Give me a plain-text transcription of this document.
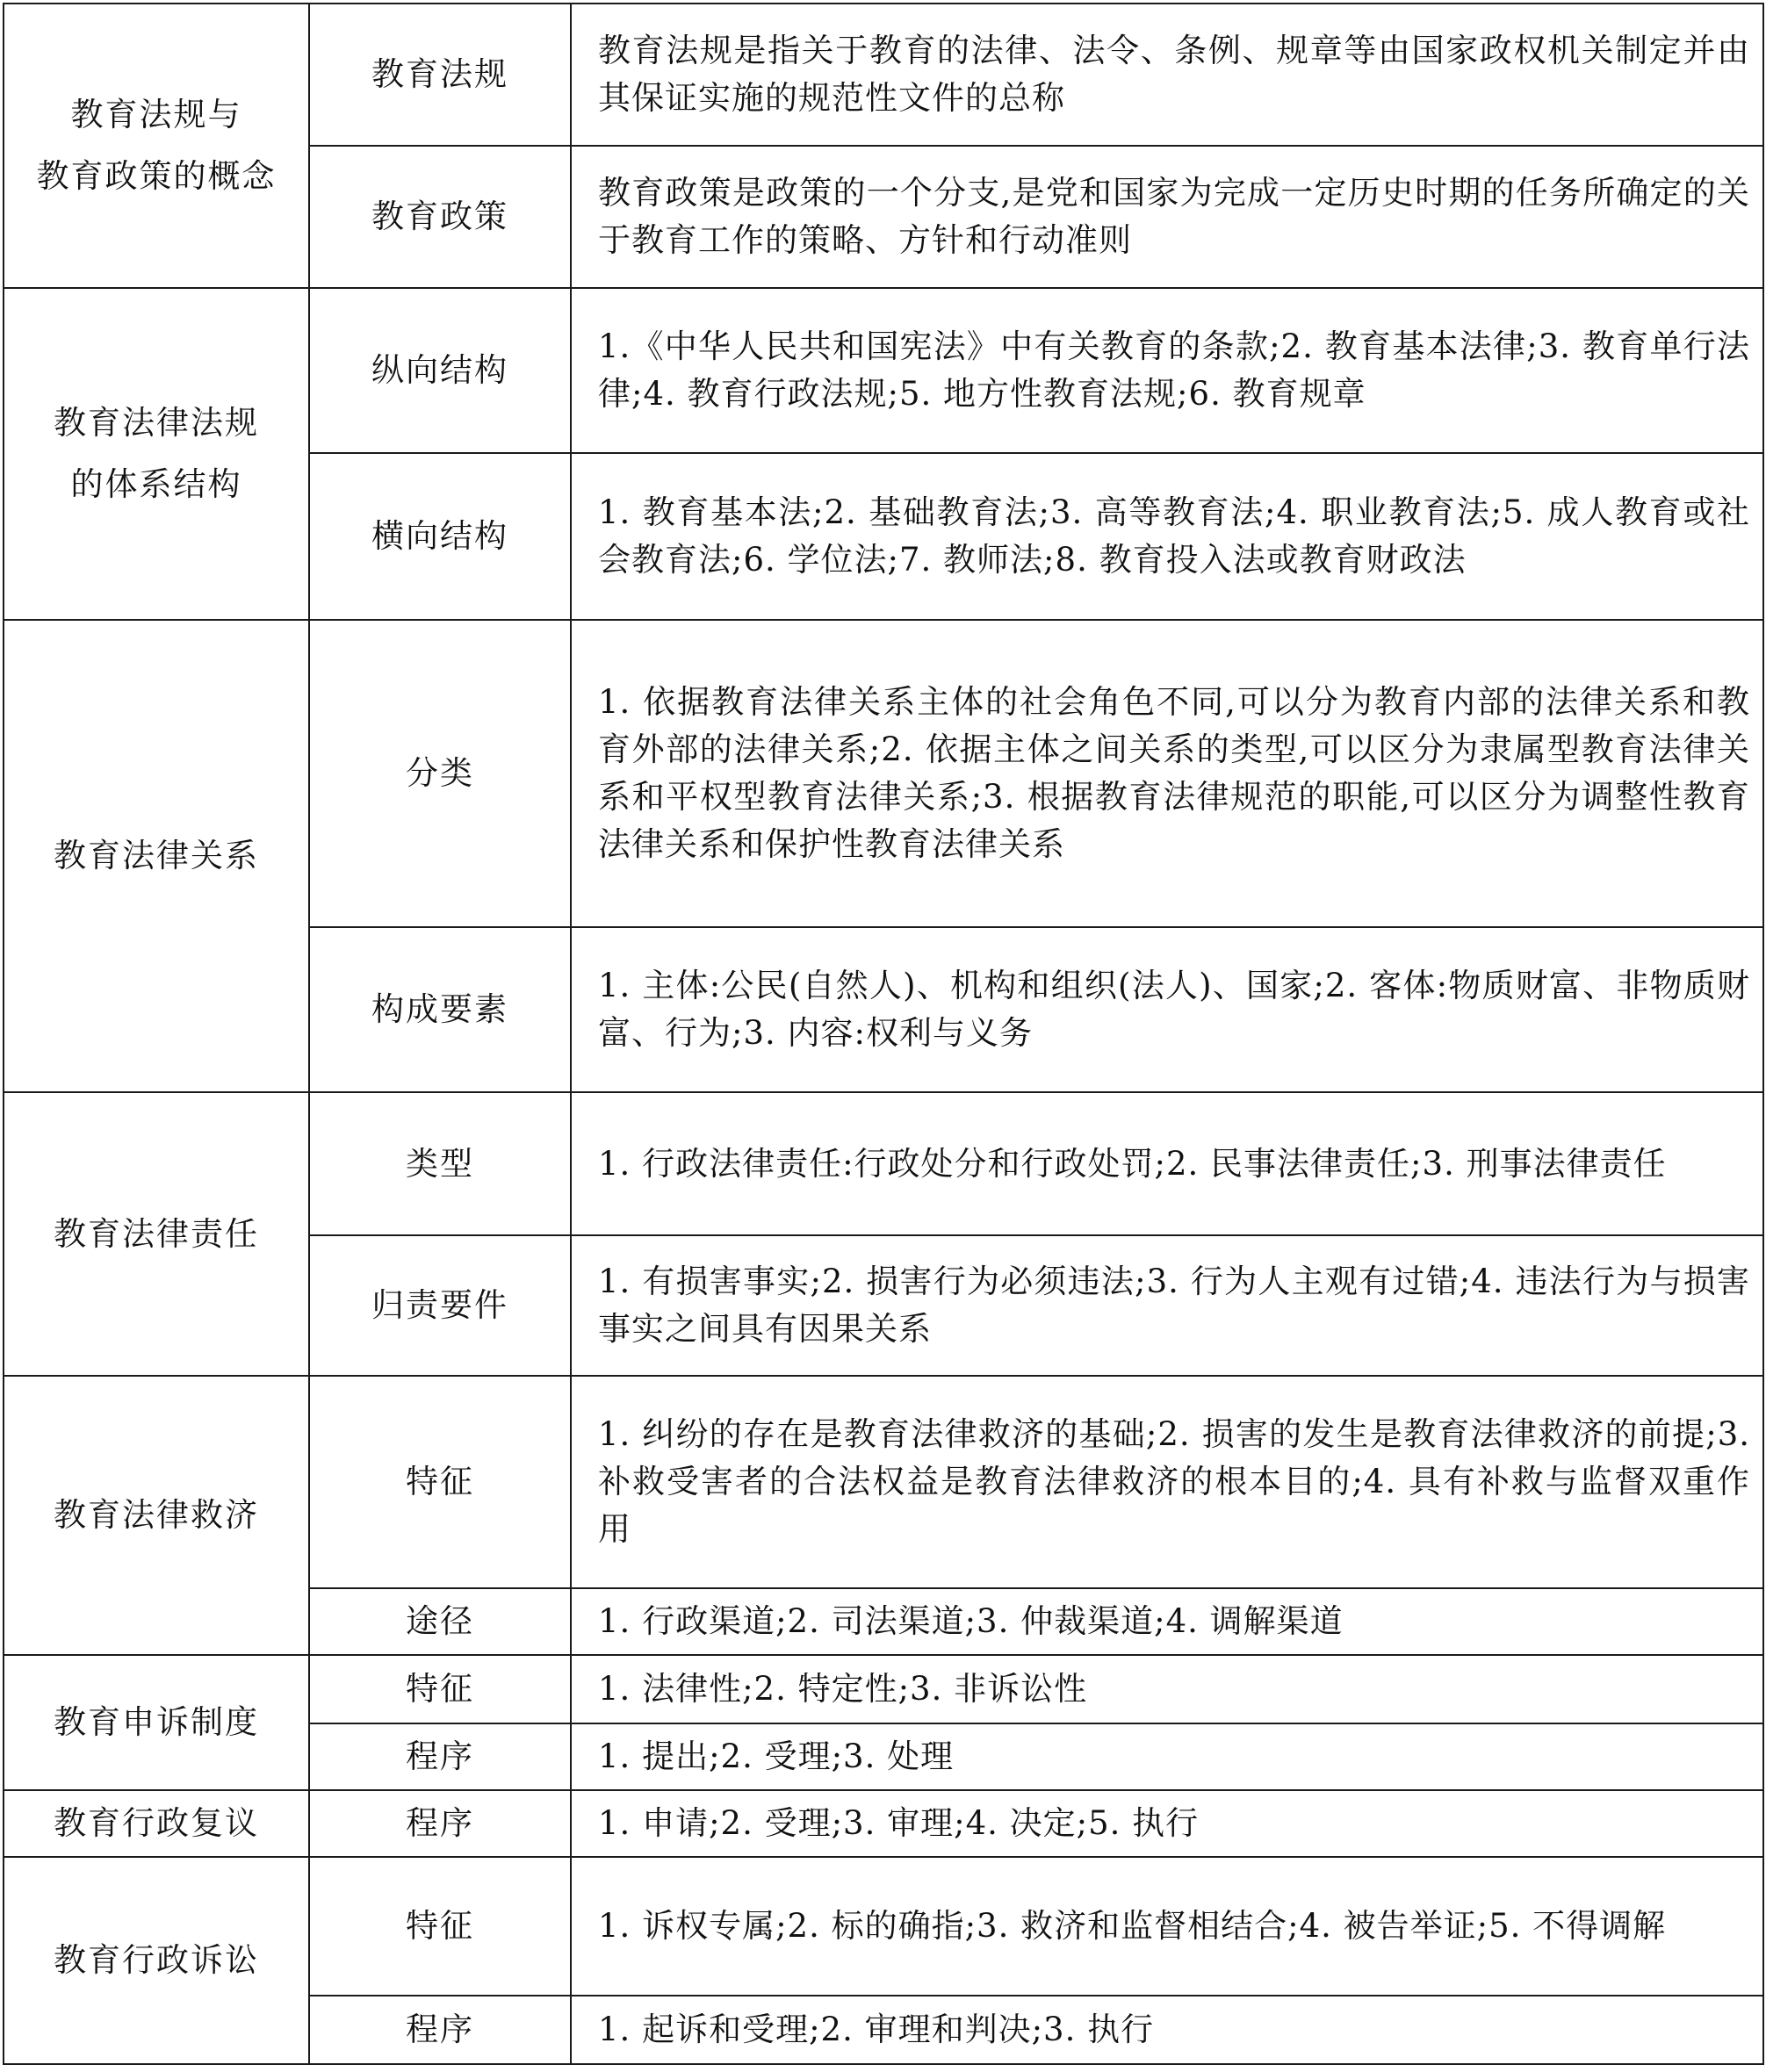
教育法规与
教育政策的概念	教育法规	教育法规是指关于教育的法律、法令、条例、规章等由国家政权机关制定并由其保证实施的规范性文件的总称

	教育政策	教育政策是政策的一个分支,是党和国家为完成一定历史时期的任务所确定的关于教育工作的策略、方针和行动准则

教育法律法规
的体系结构	纵向结构	1.《中华人民共和国宪法》中有关教育的条款;2. 教育基本法律;3. 教育单行法律;4. 教育行政法规;5. 地方性教育法规;6. 教育规章

	横向结构	1. 教育基本法;2. 基础教育法;3. 高等教育法;4. 职业教育法;5. 成人教育或社会教育法;6. 学位法;7. 教师法;8. 教育投入法或教育财政法

教育法律关系	分类	1. 依据教育法律关系主体的社会角色不同,可以分为教育内部的法律关系和教育外部的法律关系;2. 依据主体之间关系的类型,可以区分为隶属型教育法律关系和平权型教育法律关系;3. 根据教育法律规范的职能,可以区分为调整性教育法律关系和保护性教育法律关系

	构成要素	1. 主体:公民(自然人)、机构和组织(法人)、国家;2. 客体:物质财富、非物质财富、行为;3. 内容:权利与义务

教育法律责任	类型	1. 行政法律责任:行政处分和行政处罚;2. 民事法律责任;3. 刑事法律责任

	归责要件	1. 有损害事实;2. 损害行为必须违法;3. 行为人主观有过错;4. 违法行为与损害事实之间具有因果关系

教育法律救济	特征	1. 纠纷的存在是教育法律救济的基础;2. 损害的发生是教育法律救济的前提;3. 补救受害者的合法权益是教育法律救济的根本目的;4. 具有补救与监督双重作用

	途径	1. 行政渠道;2. 司法渠道;3. 仲裁渠道;4. 调解渠道

教育申诉制度	特征	1. 法律性;2. 特定性;3. 非诉讼性

	程序	1. 提出;2. 受理;3. 处理

教育行政复议	程序	1. 申请;2. 受理;3. 审理;4. 决定;5. 执行

教育行政诉讼	特征	1. 诉权专属;2. 标的确指;3. 救济和监督相结合;4. 被告举证;5. 不得调解

	程序	1. 起诉和受理;2. 审理和判决;3. 执行
